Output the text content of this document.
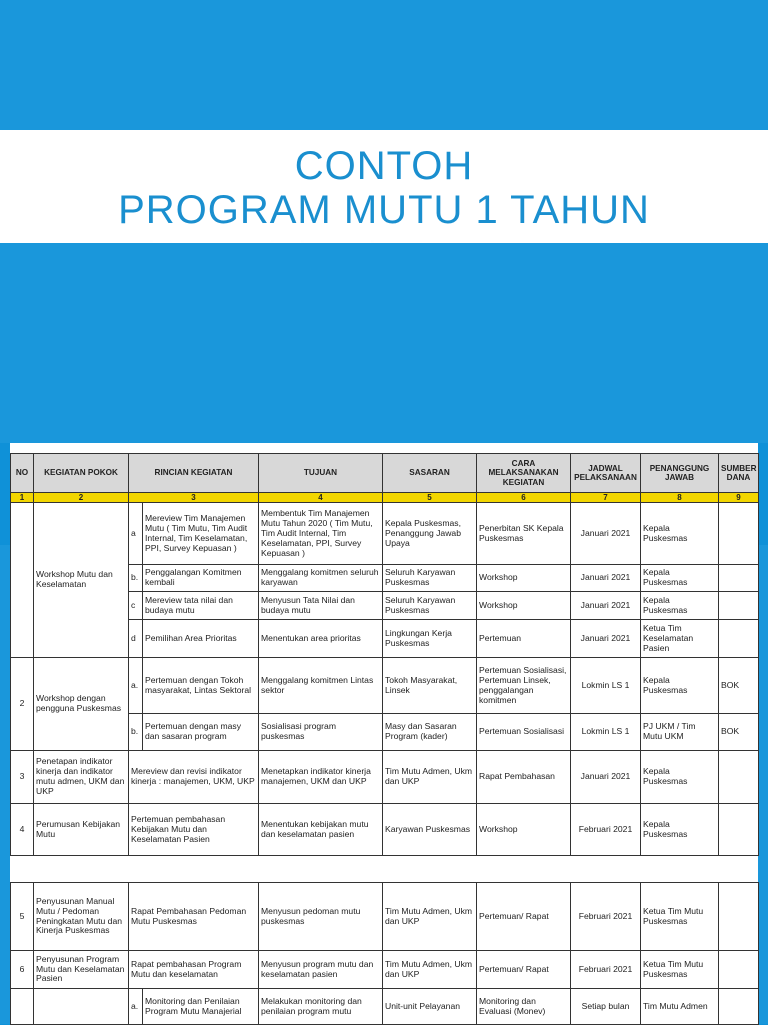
CONTOH
PROGRAM MUTU 1 TAHUN
NO	KEGIATAN POKOK	RINCIAN KEGIATAN		TUJUAN	SASARAN	CARA MELAKSANAKAN KEGIATAN	JADWAL PELAKSANAAN	PENANGGUNG JAWAB	SUMBER DANA
1	2	3		4	5	6	7	8	9
	Workshop Mutu dan Keselamatan	a	Mereview Tim Manajemen Mutu ( Tim Mutu, Tim Audit Internal, Tim Keselamatan, PPI, Survey Kepuasan )	Membentuk Tim Manajemen Mutu Tahun 2020 ( Tim Mutu, Tim Audit Internal, Tim Keselamatan, PPI, Survey Kepuasan )	Kepala Puskesmas, Penanggung Jawab Upaya	Penerbitan SK Kepala Puskesmas	Januari 2021	Kepala Puskesmas	
		b.	Penggalangan Komitmen kembali	Menggalang komitmen seluruh karyawan	Seluruh Karyawan Puskesmas	Workshop	Januari 2021	Kepala Puskesmas	
		c	Mereview tata nilai dan budaya mutu	Menyusun Tata Nilai dan budaya mutu	Seluruh Karyawan Puskesmas	Workshop	Januari 2021	Kepala Puskesmas	
		d	Pemilihan Area Prioritas	Menentukan area prioritas	Lingkungan Kerja Puskesmas	Pertemuan	Januari 2021	Ketua Tim Keselamatan Pasien	
2	Workshop dengan pengguna Puskesmas	a.	Pertemuan dengan Tokoh masyarakat, Lintas Sektoral	Menggalang komitmen Lintas sektor	Tokoh Masyarakat, Linsek	Pertemuan Sosialisasi, Pertemuan Linsek, penggalangan komitmen	Lokmin LS 1	Kepala Puskesmas	BOK
		b.	Pertemuan dengan masy dan sasaran program	Sosialisasi program puskesmas	Masy dan Sasaran Program (kader)	Pertemuan Sosialisasi	Lokmin LS 1	PJ UKM / Tim Mutu UKM	BOK
3	Penetapan indikator kinerja dan indikator mutu admen, UKM dan UKP	Mereview dan revisi indikator kinerja : manajemen, UKM, UKP		Menetapkan indikator kinerja manajemen, UKM dan UKP	Tim Mutu Admen, Ukm dan UKP	Rapat Pembahasan	Januari 2021	Kepala Puskesmas	
4	Perumusan Kebijakan Mutu	Pertemuan pembahasan Kebijakan Mutu dan Keselamatan Pasien		Menentukan kebijakan mutu dan keselamatan pasien	Karyawan Puskesmas	Workshop	Februari 2021	Kepala Puskesmas	
5	Penyusunan Manual Mutu / Pedoman Peningkatan Mutu dan Kinerja Puskesmas	Rapat Pembahasan Pedoman Mutu Puskesmas		Menyusun pedoman mutu puskesmas	Tim Mutu Admen, Ukm dan UKP	Pertemuan/ Rapat	Februari 2021	Ketua Tim Mutu Puskesmas	
6	Penyusunan Program Mutu dan Keselamatan Pasien	Rapat pembahasan Program Mutu dan keselamatan		Menyusun program mutu dan keselamatan pasien	Tim Mutu Admen, Ukm dan UKP	Pertemuan/ Rapat	Februari 2021	Ketua Tim Mutu Puskesmas	
		a.	Monitoring dan Penilaian Program Mutu Manajerial	Melakukan monitoring dan penilaian program mutu	Unit-unit Pelayanan	Monitoring dan Evaluasi (Monev)	Setiap bulan	Tim Mutu Admen	
